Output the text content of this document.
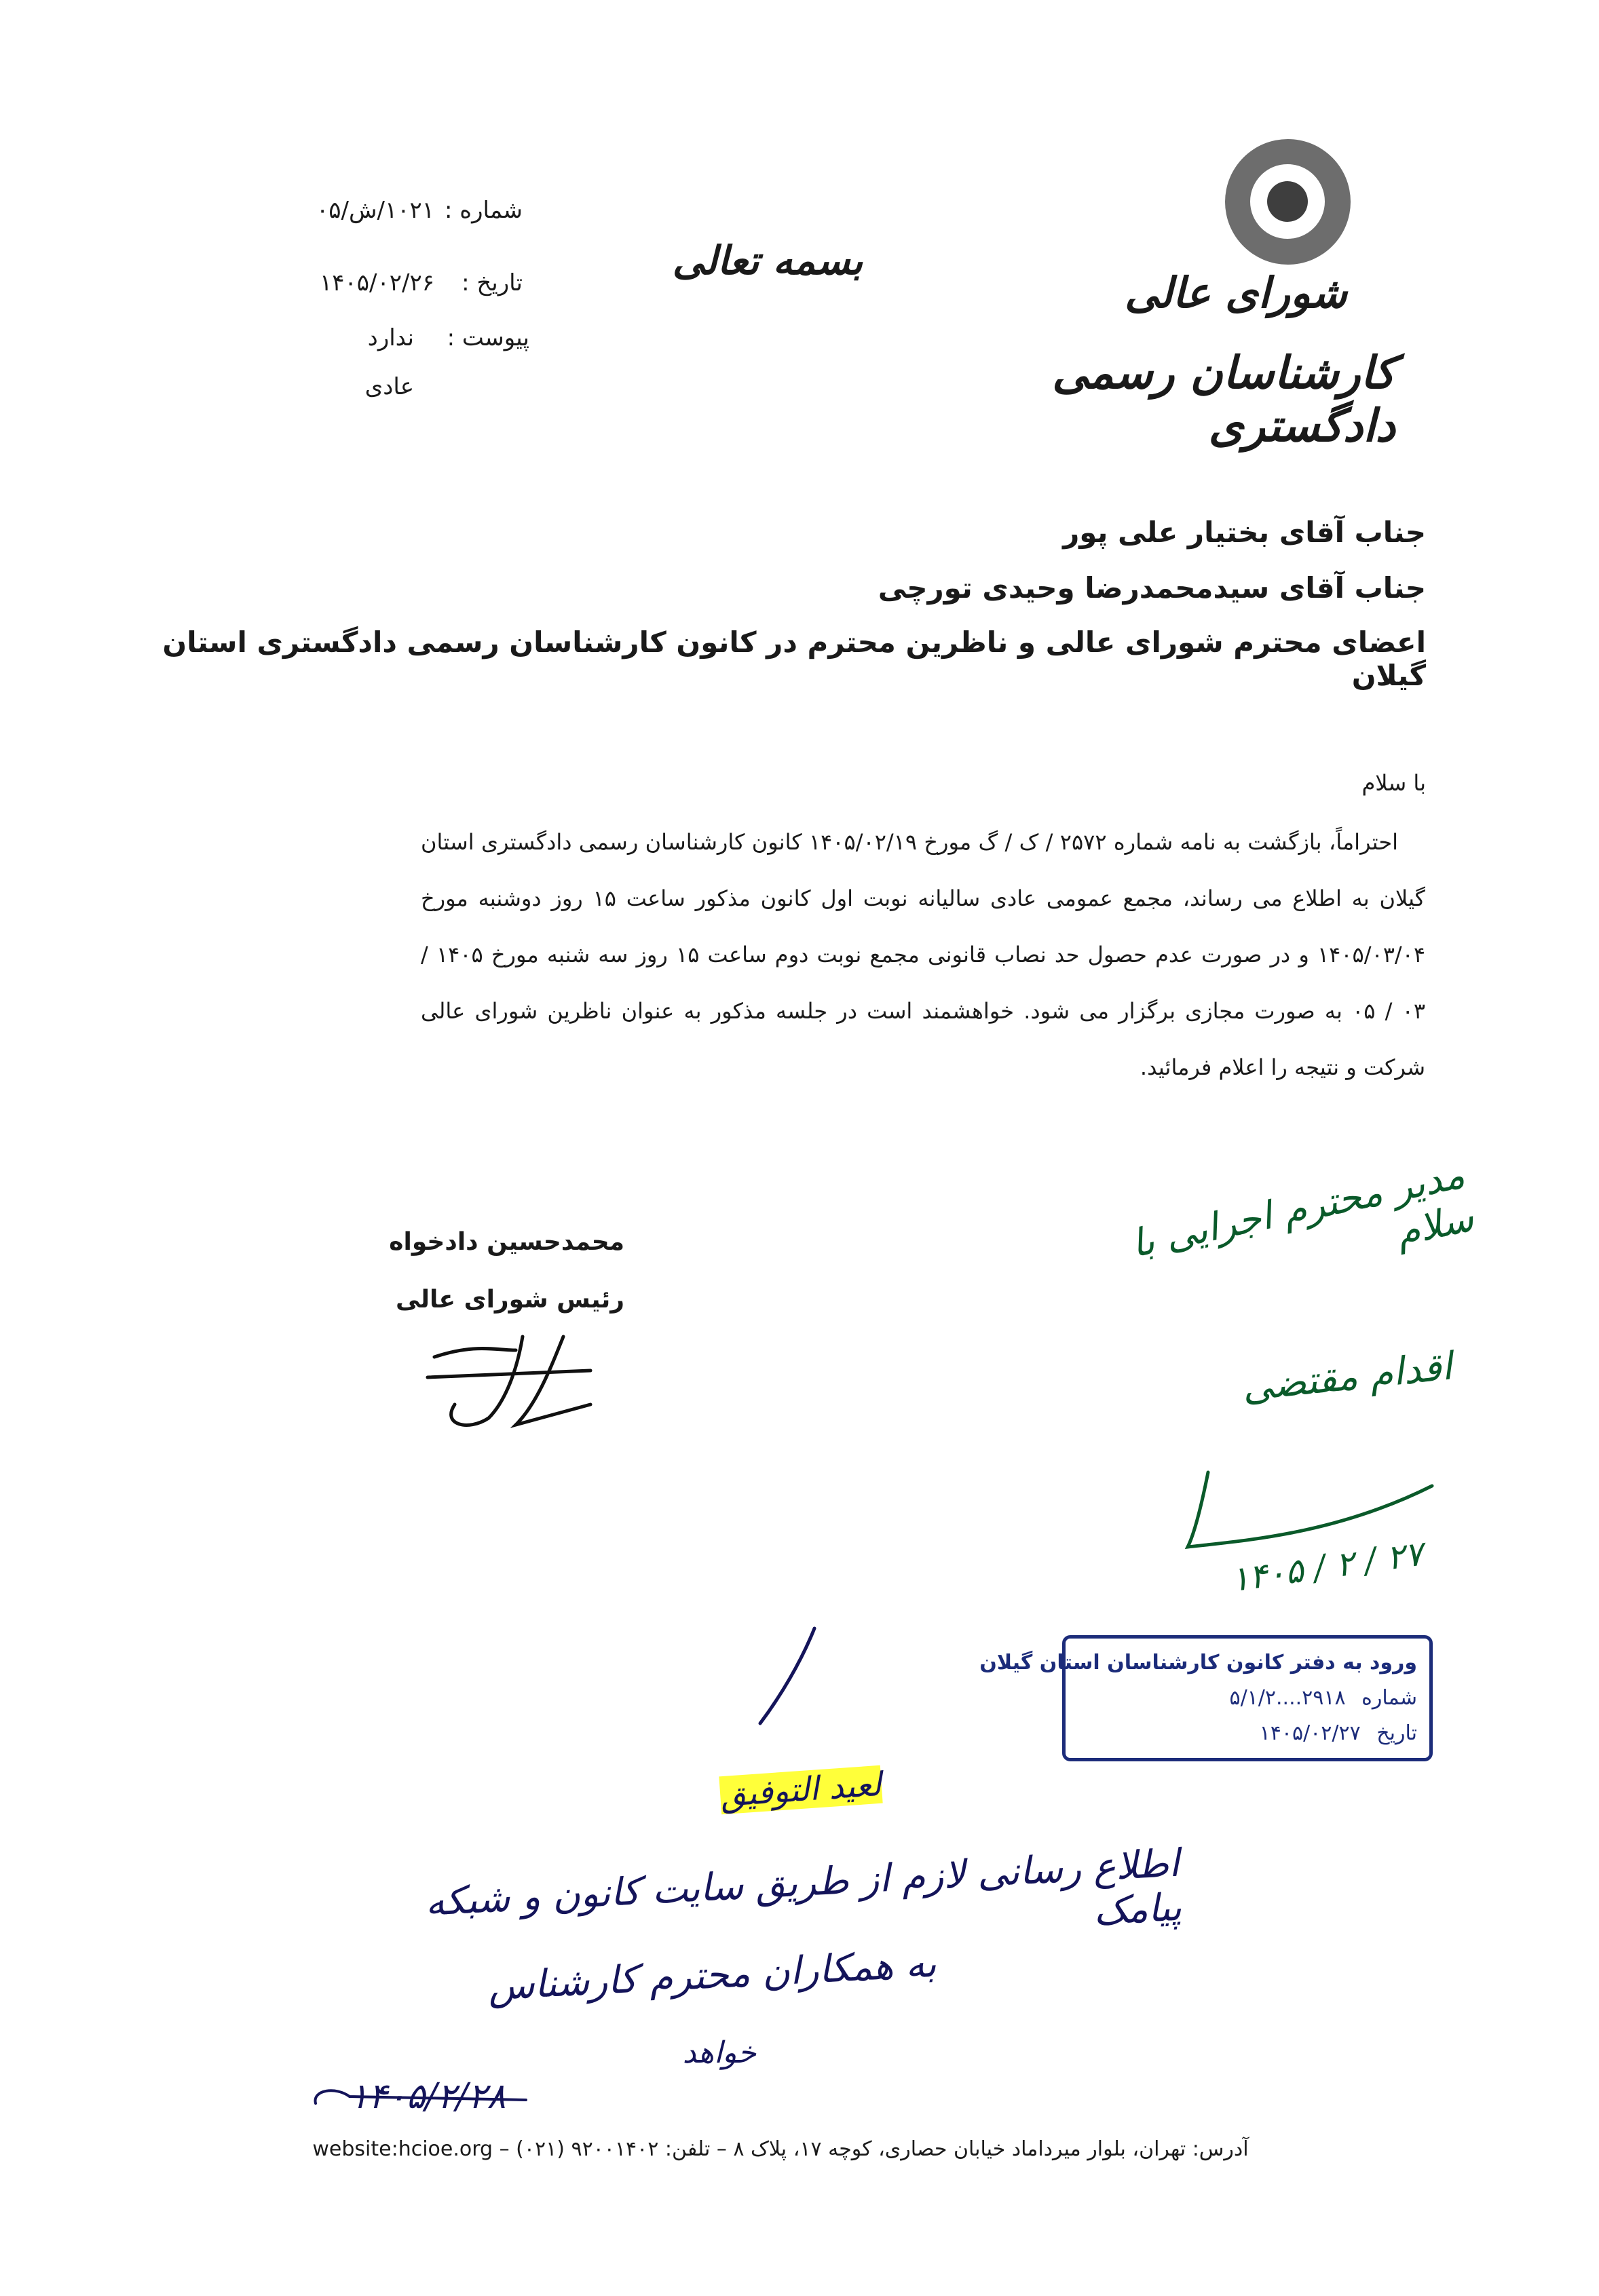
شورای عالی
کارشناسان رسمی دادگستری
بسمه تعالی
شماره :
۱۰۲۱/ش/۰۵
تاریخ :
۱۴۰۵/۰۲/۲۶
پیوست :
ندارد
عادی
جناب آقای بختیار علی پور
جناب آقای سیدمحمدرضا وحیدی تورچی
اعضای محترم شورای عالی و ناظرین محترم در کانون کارشناسان رسمی دادگستری استان گیلان
با سلام
احتراماً، بازگشت به نامه شماره ۲۵۷۲ / ک / گ مورخ ۱۴۰۵/۰۲/۱۹ کانون کارشناسان رسمی دادگستری استان گیلان به اطلاع می رساند، مجمع عمومی عادی سالیانه نوبت اول کانون مذکور ساعت ۱۵ روز دوشنبه مورخ ۱۴۰۵/۰۳/۰۴ و در صورت عدم حصول حد نصاب قانونی مجمع نوبت دوم ساعت ۱۵ روز سه شنبه مورخ ۱۴۰۵ / ۰۳ / ۰۵ به صورت مجازی برگزار می شود. خواهشمند است در جلسه مذکور به عنوان ناظرین شورای عالی شرکت و نتیجه را اعلام فرمائید.
محمدحسین دادخواه
رئیس شورای عالی
مدیر محترم اجرایی با سلام
اقدام مقتضی
۱۴۰۵ / ۲ / ۲۷
ورود به دفتر کانون کارشناسان استان گیلان
شماره ۲۹۱۸....۵/۱/۲
تاریخ ۱۴۰۵/۰۲/۲۷
لعید التوفیق
اطلاع رسانی لازم از طریق سایت کانون و شبکه پیامک
به همکاران محترم کارشناس
خواهد
۱۴۰۵/۲/۲۸
آدرس: تهران، بلوار میرداماد خیابان حصاری، کوچه ۱۷، پلاک ۸ – تلفن: ۹۲۰۰۱۴۰۲ (۰۲۱) – website:hcioe.org
